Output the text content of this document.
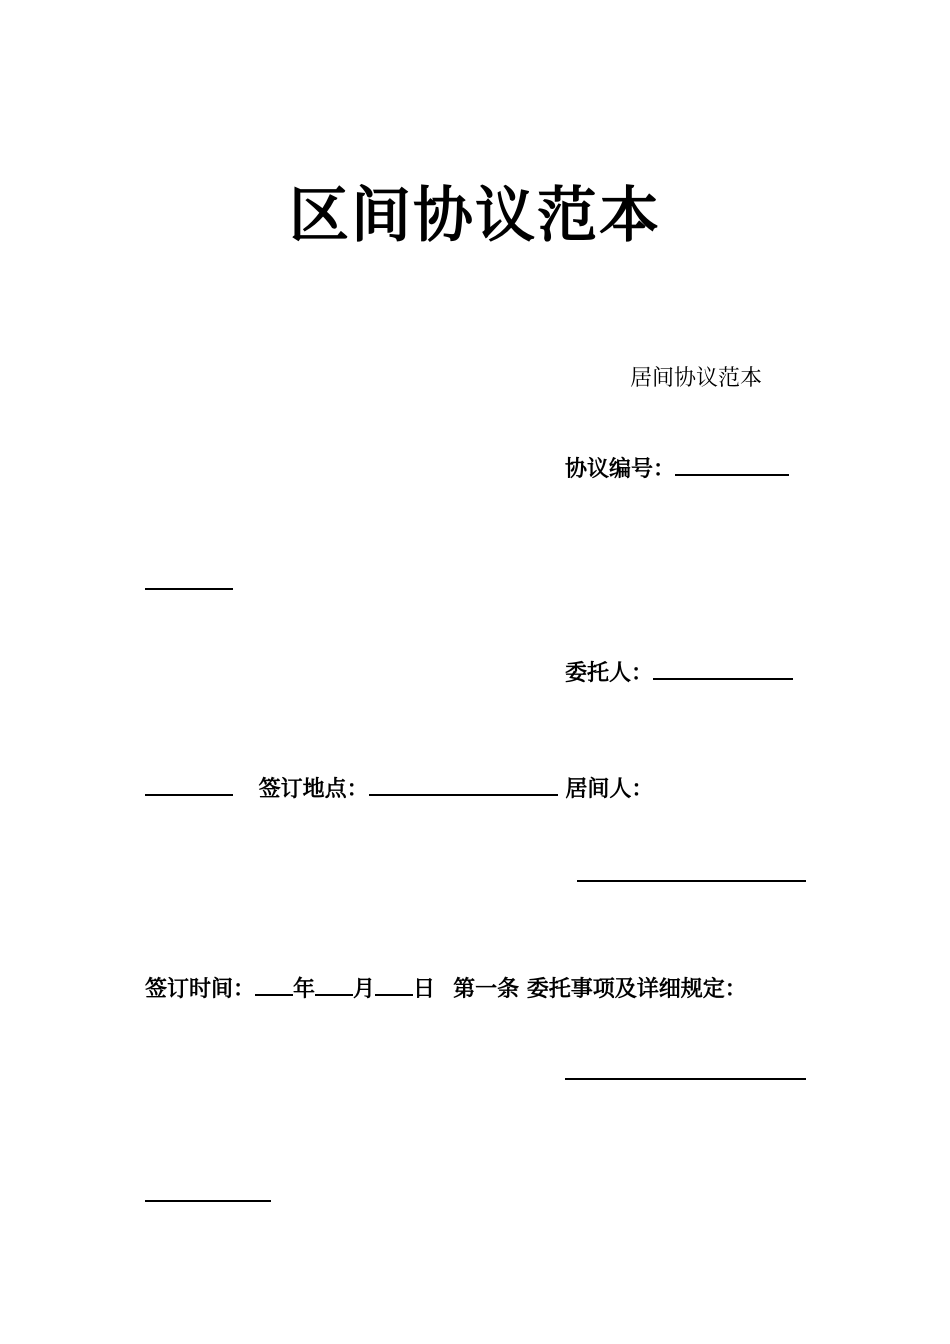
区间协议范本
居间协议范本
协议编号：
委托人：
签订地点：	居间人：
签订时间： 年 月 日 第一条 委托事项及详细规定：
